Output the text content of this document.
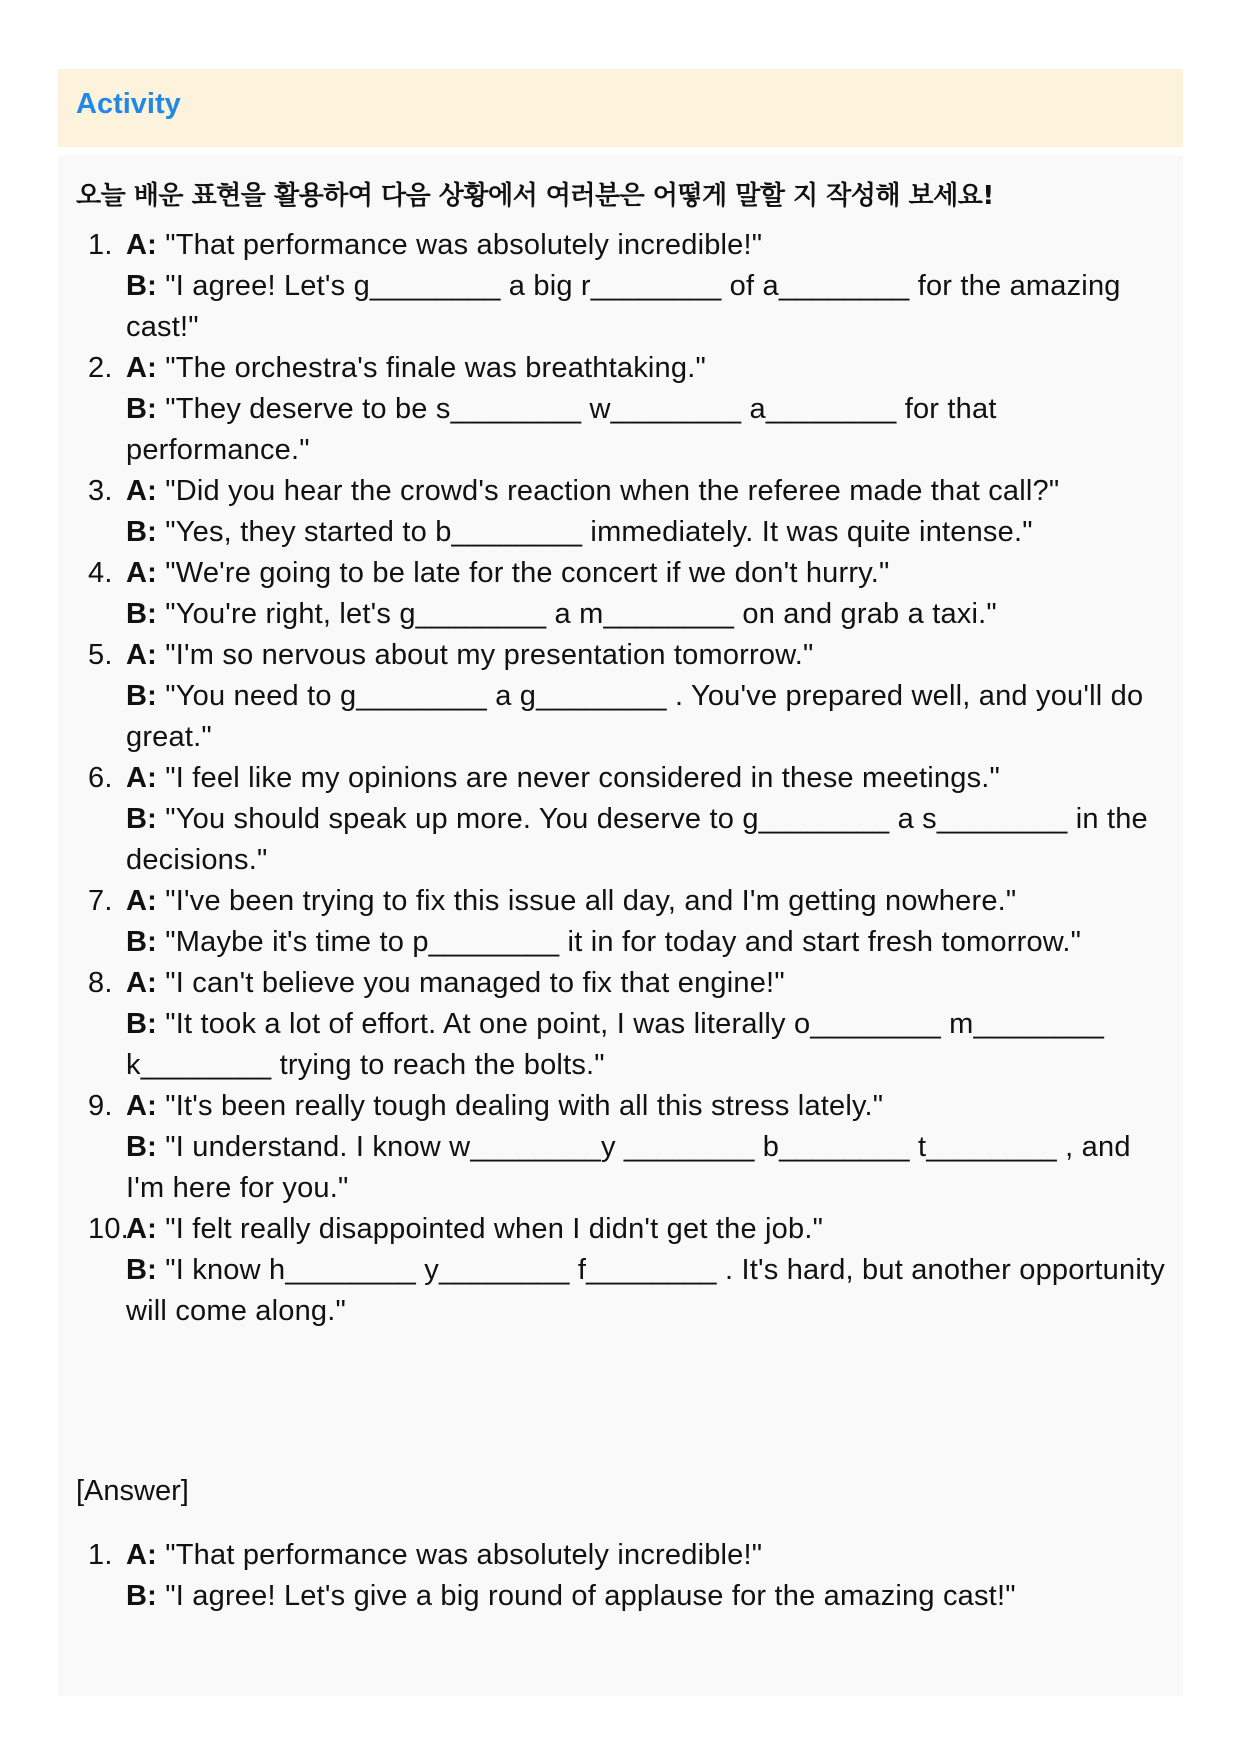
Activity
오늘 배운 표현을 활용하여 다음 상황에서 여러분은 어떻게 말할 지 작성해 보세요!
1. A: "That performance was absolutely incredible!"
B: "I agree! Let's g________ a big r________ of a________ for the amazing cast!"
2. A: "The orchestra's finale was breathtaking."
B: "They deserve to be s________ w________ a________ for that performance."
3. A: "Did you hear the crowd's reaction when the referee made that call?"
B: "Yes, they started to b________ immediately. It was quite intense."
4. A: "We're going to be late for the concert if we don't hurry."
B: "You're right, let's g________ a m________ on and grab a taxi."
5. A: "I'm so nervous about my presentation tomorrow."
B: "You need to g________ a g________ . You've prepared well, and you'll do great."
6. A: "I feel like my opinions are never considered in these meetings."
B: "You should speak up more. You deserve to g________ a s________ in the decisions."
7. A: "I've been trying to fix this issue all day, and I'm getting nowhere."
B: "Maybe it's time to p________ it in for today and start fresh tomorrow."
8. A: "I can't believe you managed to fix that engine!"
B: "It took a lot of effort. At one point, I was literally o________ m________ k________ trying to reach the bolts."
9. A: "It's been really tough dealing with all this stress lately."
B: "I understand. I know w________y ________ b________ t________ , and I'm here for you."
10.
A: "I felt really disappointed when I didn't get the job."
B: "I know h________ y________ f________ . It's hard, but another opportunity will come along."
[Answer]
1. A: "That performance was absolutely incredible!"
B: "I agree! Let's give a big round of applause for the amazing cast!"
